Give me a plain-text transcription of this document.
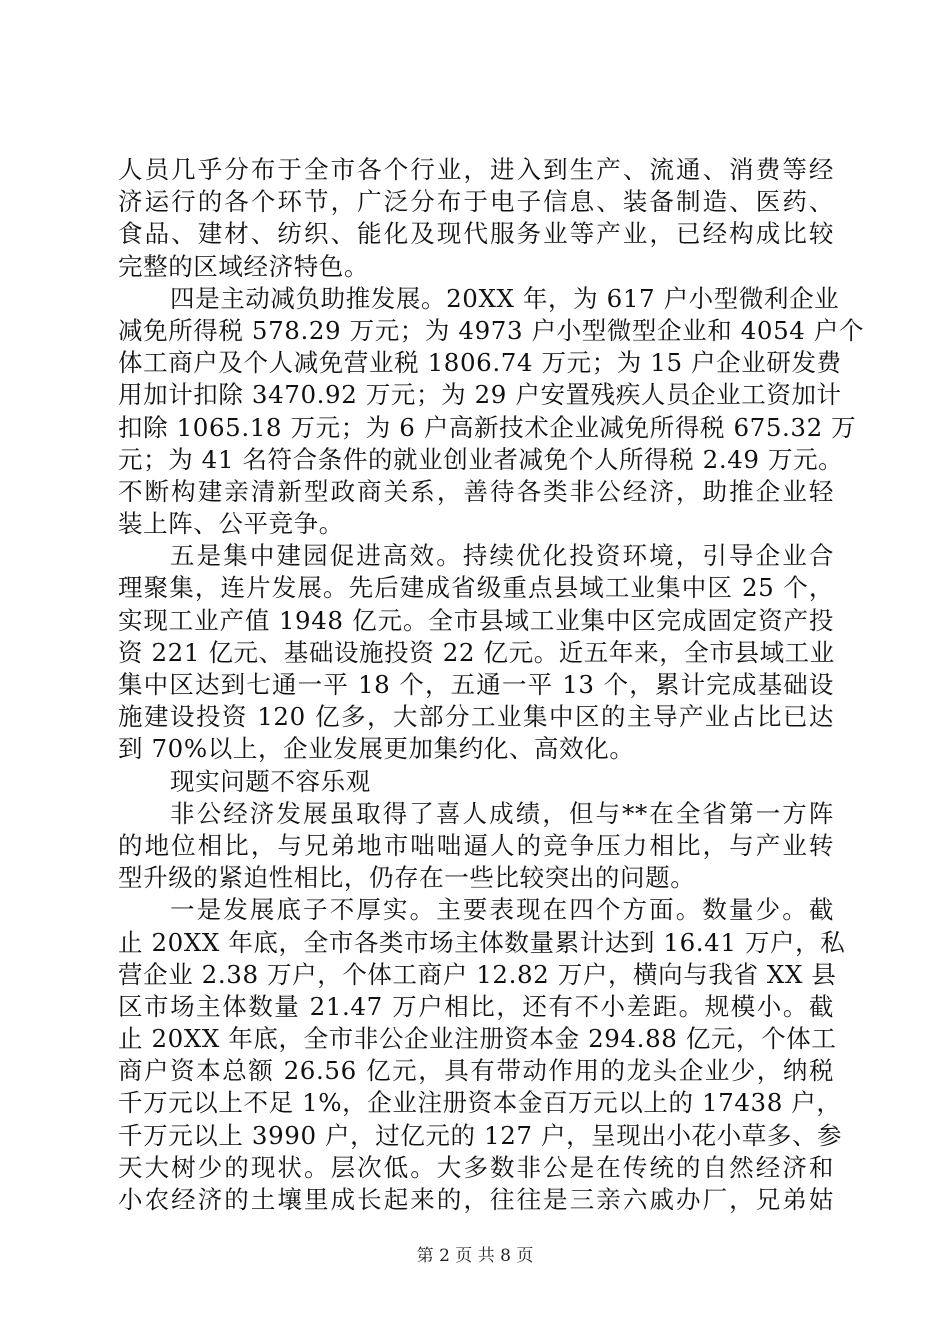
人员几乎分布于全市各个行业，进入到生产、流通、消费等经
济运行的各个环节，广泛分布于电子信息、装备制造、医药、
食品、建材、纺织、能化及现代服务业等产业，已经构成比较
完整的区域经济特色。
四是主动减负助推发展。20XX 年，为 617 户小型微利企业
减免所得税 578.29 万元；为 4973 户小型微型企业和 4054 户个
体工商户及个人减免营业税 1806.74 万元；为 15 户企业研发费
用加计扣除 3470.92 万元；为 29 户安置残疾人员企业工资加计
扣除 1065.18 万元；为 6 户高新技术企业减免所得税 675.32 万
元；为 41 名符合条件的就业创业者减免个人所得税 2.49 万元。
不断构建亲清新型政商关系，善待各类非公经济，助推企业轻
装上阵、公平竞争。
五是集中建园促进高效。持续优化投资环境，引导企业合
理聚集，连片发展。先后建成省级重点县域工业集中区 25 个，
实现工业产值 1948 亿元。全市县域工业集中区完成固定资产投
资 221 亿元、基础设施投资 22 亿元。近五年来，全市县域工业
集中区达到七通一平 18 个，五通一平 13 个，累计完成基础设
施建设投资 120 亿多，大部分工业集中区的主导产业占比已达
到 70%以上，企业发展更加集约化、高效化。
现实问题不容乐观
非公经济发展虽取得了喜人成绩，但与**在全省第一方阵
的地位相比，与兄弟地市咄咄逼人的竞争压力相比，与产业转
型升级的紧迫性相比，仍存在一些比较突出的问题。
一是发展底子不厚实。主要表现在四个方面。数量少。截
止 20XX 年底，全市各类市场主体数量累计达到 16.41 万户，私
营企业 2.38 万户，个体工商户 12.82 万户，横向与我省 XX 县
区市场主体数量 21.47 万户相比，还有不小差距。规模小。截
止 20XX 年底，全市非公企业注册资本金 294.88 亿元，个体工
商户资本总额 26.56 亿元，具有带动作用的龙头企业少，纳税
千万元以上不足 1%，企业注册资本金百万元以上的 17438 户，
千万元以上 3990 户，过亿元的 127 户，呈现出小花小草多、参
天大树少的现状。层次低。大多数非公是在传统的自然经济和
小农经济的土壤里成长起来的，往往是三亲六戚办厂，兄弟姑
第 2 页 共 8 页
